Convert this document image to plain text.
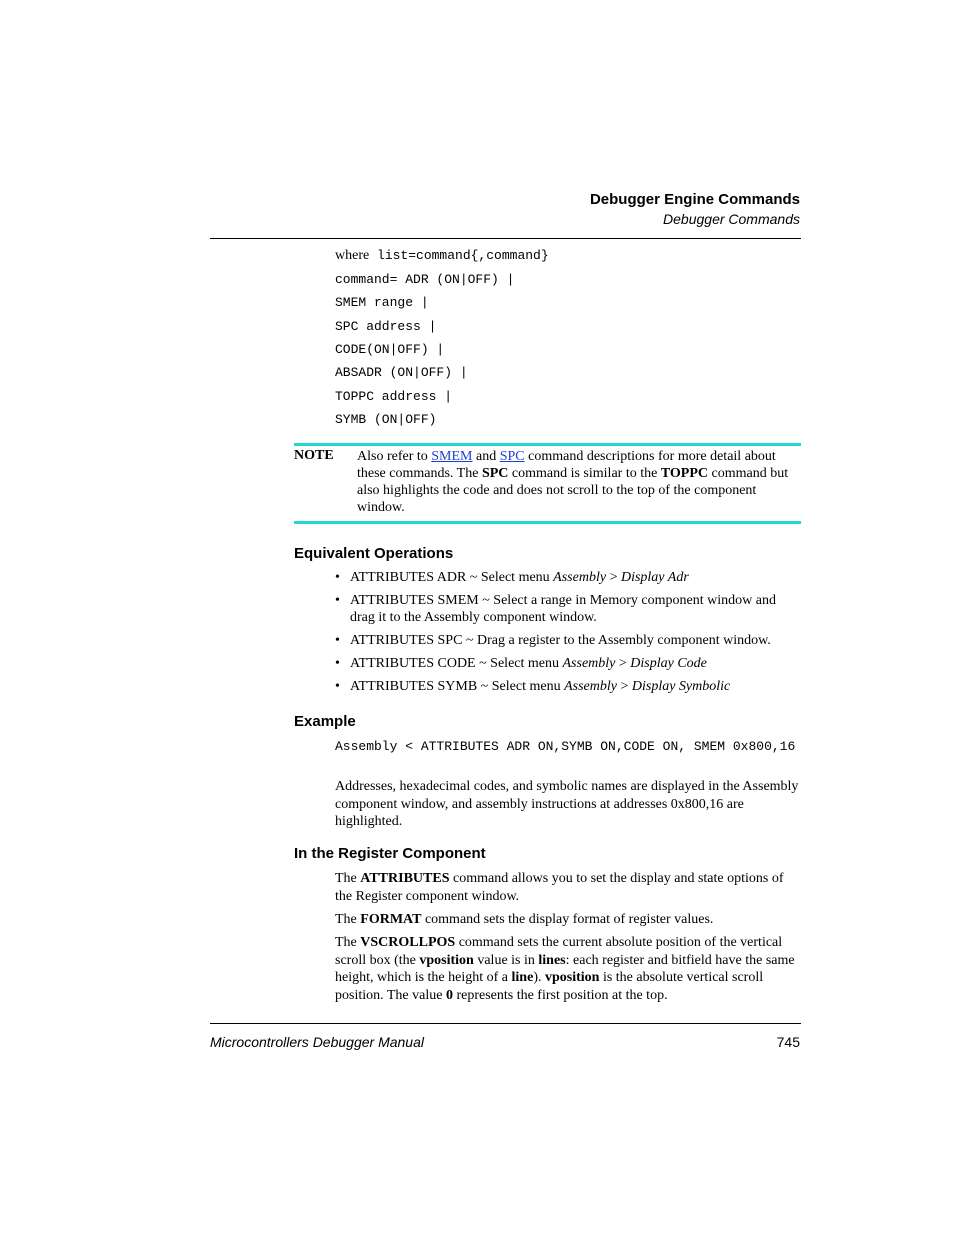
Debugger Engine Commands
Debugger Commands
where list=command{,command}
command= ADR (ON|OFF) |
SMEM range |
SPC address |
CODE(ON|OFF) |
ABSADR (ON|OFF) |
TOPPC address |
SYMB (ON|OFF)
NOTE Also refer to SMEM and SPC command descriptions for more detail about these commands. The SPC command is similar to the TOPPC command but also highlights the code and does not scroll to the top of the component window.
Equivalent Operations
• ATTRIBUTES ADR ~ Select menu Assembly > Display Adr
• ATTRIBUTES SMEM ~ Select a range in Memory component window and drag it to the Assembly component window.
• ATTRIBUTES SPC ~ Drag a register to the Assembly component window.
• ATTRIBUTES CODE ~ Select menu Assembly > Display Code
• ATTRIBUTES SYMB ~ Select menu Assembly > Display Symbolic
Example
Assembly < ATTRIBUTES ADR ON,SYMB ON,CODE ON, SMEM 0x800,16

Addresses, hexadecimal codes, and symbolic names are displayed in the Assembly component window, and assembly instructions at addresses 0x800,16 are highlighted.

In the Register Component

The ATTRIBUTES command allows you to set the display and state options of the Register component window.

The FORMAT command sets the display format of register values.

The VSCROLLPOS command sets the current absolute position of the vertical scroll box (the vposition value is in lines: each register and bitfield have the same height, which is the height of a line). vposition is the absolute vertical scroll position. The value 0 represents the first position at the top.

Microcontrollers Debugger Manual	745
